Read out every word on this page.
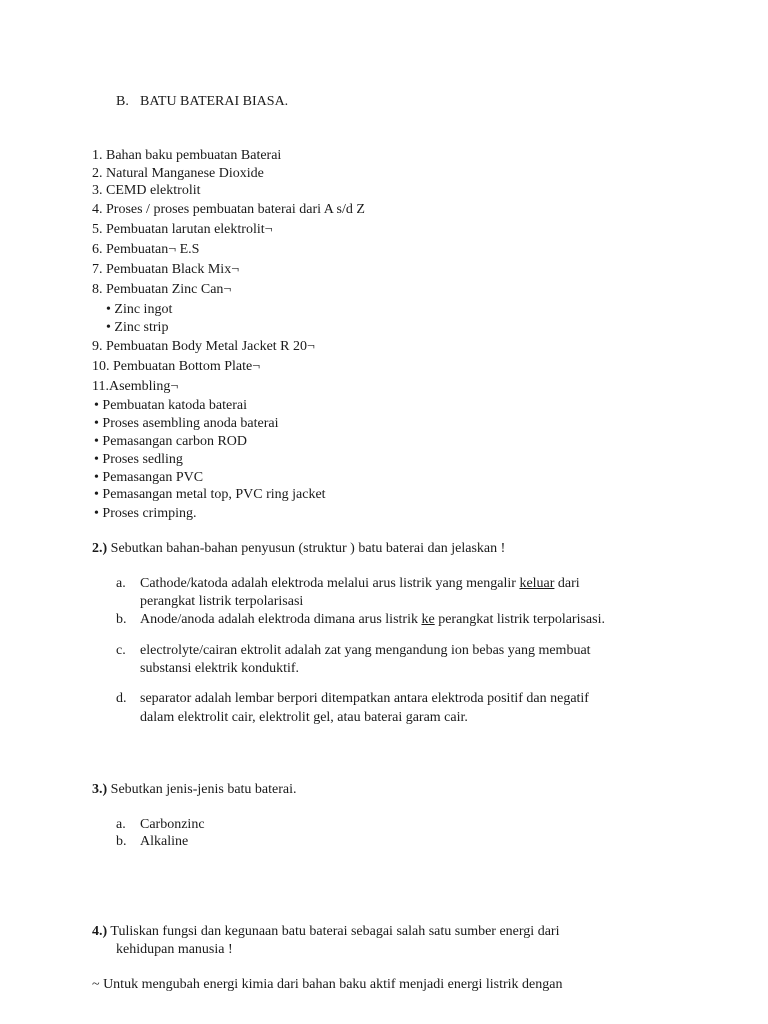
B. BATU BATERAI BIASA.
1. Bahan baku pembuatan Baterai
2. Natural Manganese Dioxide
3. CEMD elektrolit
4. Proses / proses pembuatan baterai dari A s/d Z
5. Pembuatan larutan elektrolit¬
6. Pembuatan¬ E.S
7. Pembuatan Black Mix¬
8. Pembuatan Zinc Can¬
• Zinc ingot
• Zinc strip
9. Pembuatan Body Metal Jacket R 20¬
10. Pembuatan Bottom Plate¬
11.Asembling¬
• Pembuatan katoda baterai
• Proses asembling anoda baterai
• Pemasangan carbon ROD
• Proses sedling
• Pemasangan PVC
• Pemasangan metal top, PVC ring jacket
• Proses crimping.
2.) Sebutkan bahan-bahan penyusun (struktur ) batu baterai dan jelaskan !
a. Cathode/katoda adalah elektroda melalui arus listrik yang mengalir keluar dari
perangkat listrik terpolarisasi
b. Anode/anoda adalah elektroda dimana arus listrik ke perangkat listrik terpolarisasi.
c. electrolyte/cairan ektrolit adalah zat yang mengandung ion bebas yang membuat
substansi elektrik konduktif.
d. separator adalah lembar berpori ditempatkan antara elektroda positif dan negatif
dalam elektrolit cair, elektrolit gel, atau baterai garam cair.
3.) Sebutkan jenis-jenis batu baterai.
a. Carbonzinc
b. Alkaline
4.) Tuliskan fungsi dan kegunaan batu baterai sebagai salah satu sumber energi dari
kehidupan manusia !
~ Untuk mengubah energi kimia dari bahan baku aktif menjadi energi listrik dengan
